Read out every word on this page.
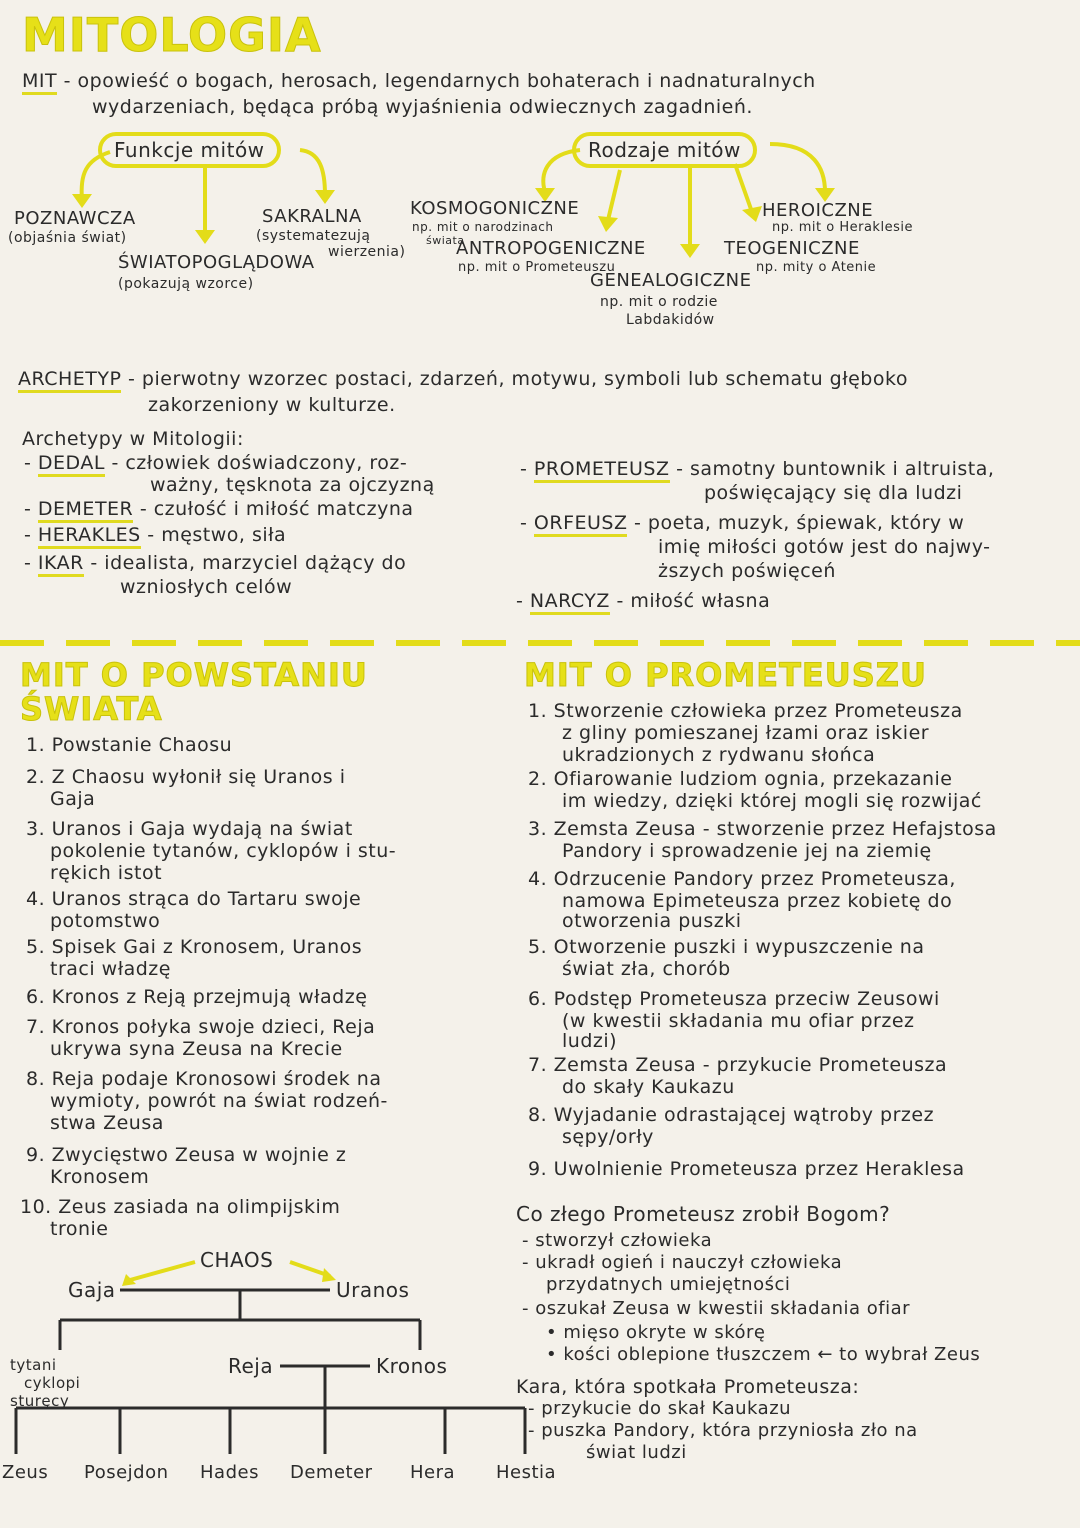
MITOLOGIA
MIT - opowieść o bogach, herosach, legendarnych bohaterach i nadnaturalnych
wydarzeniach, będąca próbą wyjaśnienia odwiecznych zagadnień.
Funkcje mitów	Rodzaje mitów
POZNAWCZA
(objaśnia świat)
SAKRALNA
(systematezują
wierzenia)
ŚWIATOPOGLĄDOWA
(pokazują wzorce)
KOSMOGONICZNE
np. mit o narodzinach
świata
ANTROPOGENICZNE
np. mit o Prometeuszu
GENEALOGICZNE
np. mit o rodzie
Labdakidów
HEROICZNE
np. mit o Heraklesie
TEOGENICZNE
np. mity o Atenie
ARCHETYP - pierwotny wzorzec postaci, zdarzeń, motywu, symboli lub schematu głęboko
zakorzeniony w kulturze.
Archetypy w Mitologii:
- DEDAL - człowiek doświadczony, roz-
ważny, tęsknota za ojczyzną
- DEMETER - czułość i miłość matczyna
- HERAKLES - męstwo, siła
- IKAR - idealista, marzyciel dążący do
wzniosłych celów
- PROMETEUSZ - samotny buntownik i altruista,
poświęcający się dla ludzi
- ORFEUSZ - poeta, muzyk, śpiewak, który w
imię miłości gotów jest do najwy-
ższych poświęceń
- NARCYZ - miłość własna
MIT O POWSTANIU
ŚWIATA
1. Powstanie Chaosu
2. Z Chaosu wyłonił się Uranos i
Gaja
3. Uranos i Gaja wydają na świat
pokolenie tytanów, cyklopów i stu-
rękich istot
4. Uranos strąca do Tartaru swoje
potomstwo
5. Spisek Gai z Kronosem, Uranos
traci władzę
6. Kronos z Reją przejmują władzę
7. Kronos połyka swoje dzieci, Reja
ukrywa syna Zeusa na Krecie
8. Reja podaje Kronosowi środek na
wymioty, powrót na świat rodzeń-
stwa Zeusa
9. Zwycięstwo Zeusa w wojnie z
Kronosem
10. Zeus zasiada na olimpijskim
tronie
CHAOS
Gaja	Uranos
tytani
cyklopi
sturęcy
Reja	Kronos
Zeus Posejdon Hades Demeter Hera Hestia
MIT O PROMETEUSZU
1. Stworzenie człowieka przez Prometeusza
z gliny pomieszanej łzami oraz iskier
ukradzionych z rydwanu słońca
2. Ofiarowanie ludziom ognia, przekazanie
im wiedzy, dzięki której mogli się rozwijać
3. Zemsta Zeusa - stworzenie przez Hefajstosa
Pandory i sprowadzenie jej na ziemię
4. Odrzucenie Pandory przez Prometeusza,
namowa Epimeteusza przez kobietę do
otworzenia puszki
5. Otworzenie puszki i wypuszczenie na
świat zła, chorób
6. Podstęp Prometeusza przeciw Zeusowi
(w kwestii składania mu ofiar przez
ludzi)
7. Zemsta Zeusa - przykucie Prometeusza
do skały Kaukazu
8. Wyjadanie odrastającej wątroby przez
sępy/orły
9. Uwolnienie Prometeusza przez Heraklesa
Co złego Prometeusz zrobił Bogom?
- stworzył człowieka
- ukradł ogień i nauczył człowieka
przydatnych umiejętności
- oszukał Zeusa w kwestii składania ofiar
• mięso okryte w skórę
• kości oblepione tłuszczem ← to wybrał Zeus
Kara, która spotkała Prometeusza:
- przykucie do skał Kaukazu
- puszka Pandory, która przyniosła zło na
świat ludzi
